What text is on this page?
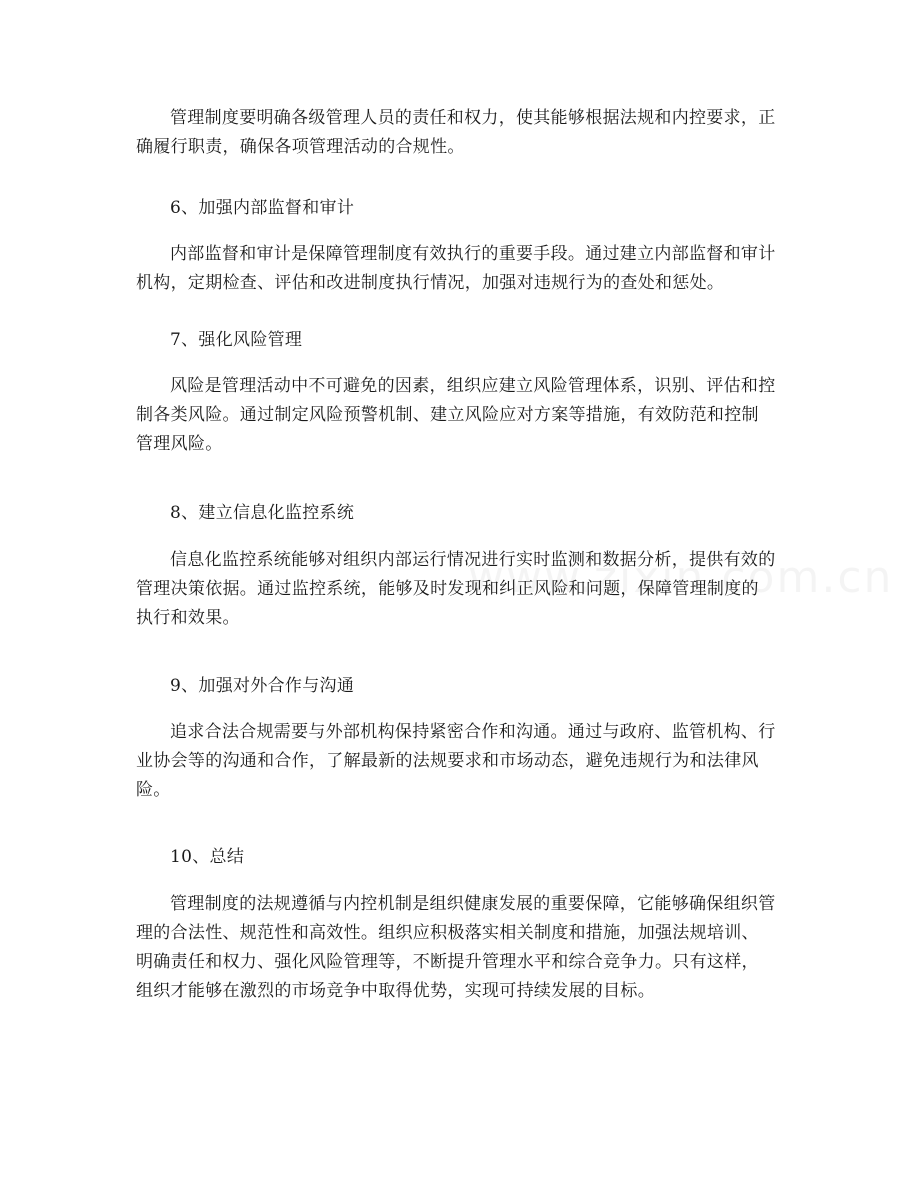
管理制度要明确各级管理人员的责任和权力，使其能够根据法规和内控要求，正确履行职责，确保各项管理活动的合规性。

6、加强内部监督和审计

内部监督和审计是保障管理制度有效执行的重要手段。通过建立内部监督和审计机构，定期检查、评估和改进制度执行情况，加强对违规行为的查处和惩处。

7、强化风险管理

风险是管理活动中不可避免的因素，组织应建立风险管理体系，识别、评估和控制各类风险。通过制定风险预警机制、建立风险应对方案等措施，有效防范和控制管理风险。

8、建立信息化监控系统

信息化监控系统能够对组织内部运行情况进行实时监测和数据分析，提供有效的管理决策依据。通过监控系统，能够及时发现和纠正风险和问题，保障管理制度的执行和效果。

9、加强对外合作与沟通

追求合法合规需要与外部机构保持紧密合作和沟通。通过与政府、监管机构、行业协会等的沟通和合作，了解最新的法规要求和市场动态，避免违规行为和法律风险。

10、总结

管理制度的法规遵循与内控机制是组织健康发展的重要保障，它能够确保组织管理的合法性、规范性和高效性。组织应积极落实相关制度和措施，加强法规培训、明确责任和权力、强化风险管理等，不断提升管理水平和综合竞争力。只有这样，组织才能够在激烈的市场竞争中取得优势，实现可持续发展的目标。
